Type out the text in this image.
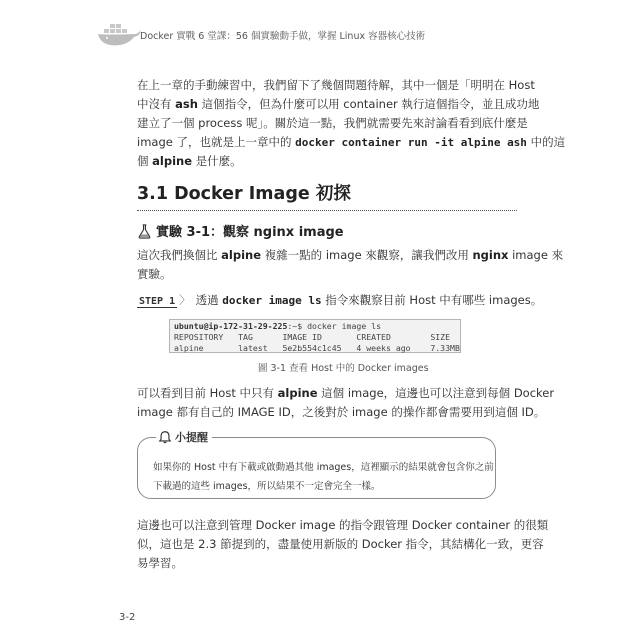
Docker 實戰 6 堂課：56 個實驗動手做，掌握 Linux 容器核心技術
在上一章的手動練習中，我們留下了幾個問題待解，其中一個是「明明在 Host
中沒有 ash 這個指令，但為什麼可以用 container 執行這個指令，並且成功地
建立了一個 process 呢」。關於這一點，我們就需要先來討論看看到底什麼是
image 了，也就是上一章中的 docker container run -it alpine ash 中的這
個 alpine 是什麼。
3.1 Docker Image 初探
實驗 3-1：觀察 nginx image
這次我們換個比 alpine 複雜一點的 image 來觀察，讓我們改用 nginx image 來
實驗。
STEP 1 〉 透過 docker image ls 指令來觀察目前 Host 中有哪些 images。
ubuntu@ip-172-31-29-225:~$ docker image ls
REPOSITORY   TAG      IMAGE ID       CREATED        SIZE
alpine       latest   5e2b554c1c45   4 weeks ago    7.33MB
圖 3-1 查看 Host 中的 Docker images
可以看到目前 Host 中只有 alpine 這個 image，這邊也可以注意到每個 Docker
image 都有自己的 IMAGE ID，之後對於 image 的操作都會需要用到這個 ID。
小提醒
如果你的 Host 中有下載或啟動過其他 images，這裡顯示的結果就會包含你之前
下載過的這些 images，所以結果不一定會完全一樣。
這邊也可以注意到管理 Docker image 的指令跟管理 Docker container 的很類
似，這也是 2.3 節提到的，盡量使用新版的 Docker 指令，其結構化一致，更容
易學習。
3-2
